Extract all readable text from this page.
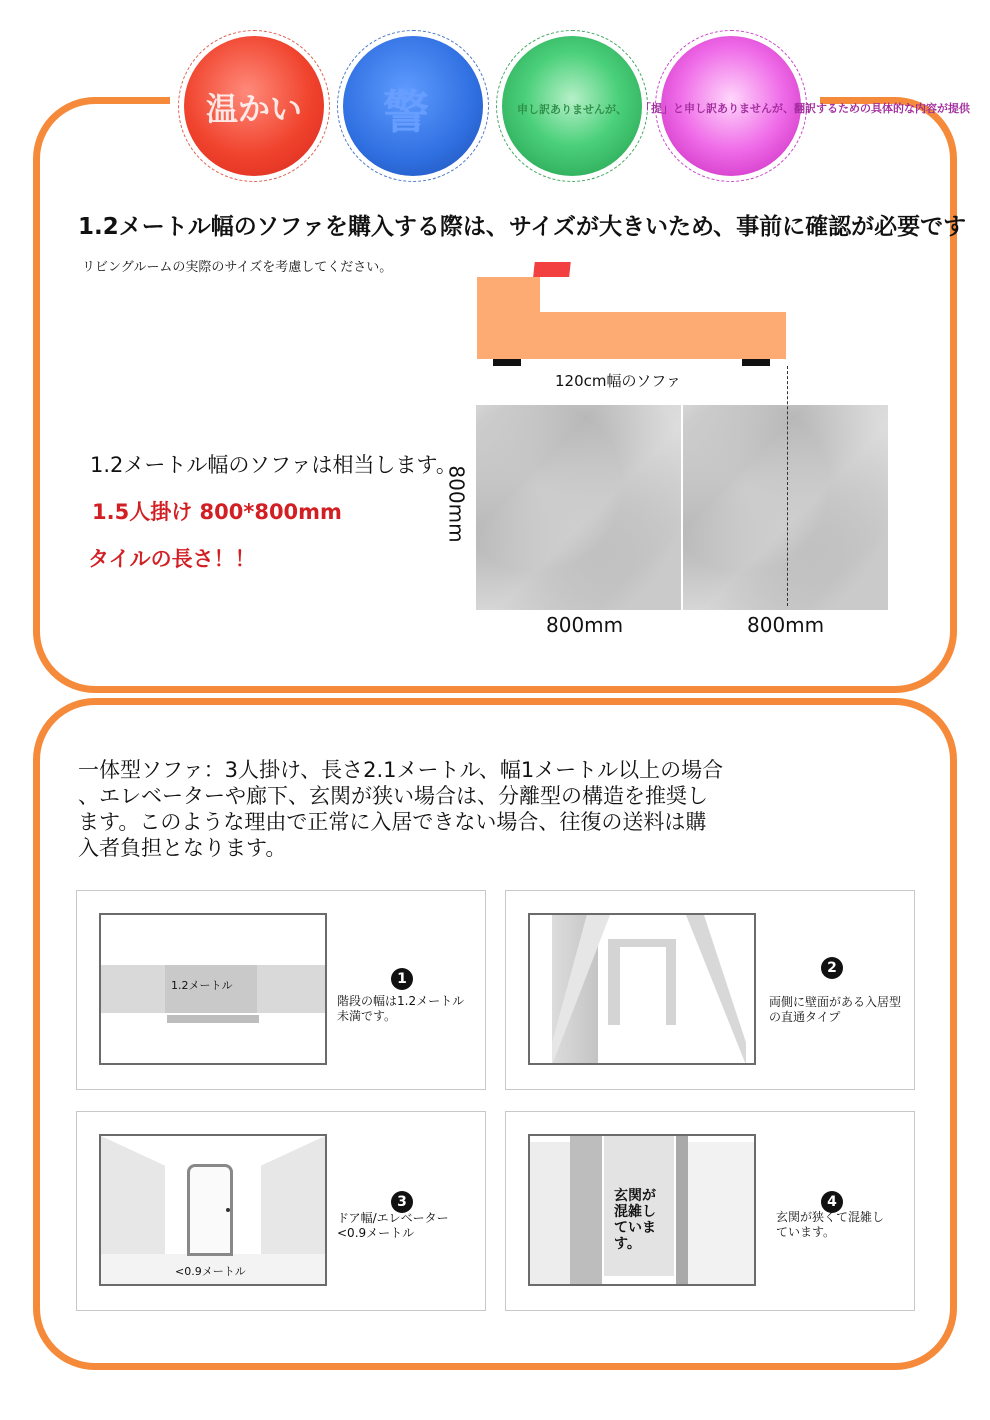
温かい 警	申し訳ありませんが、 「提」と申し訳ありませんが、翻訳するための具体的な内容が提供
1.2メートル幅のソファを購入する際は、サイズが大きいため、事前に確認が必要です
リビングルームの実際のサイズを考慮してください。
120cm幅のソファ
800mm
800mm	800mm
1.2メートル幅のソファは相当します。
1.5人掛け 800*800mm
タイルの長さ！！
一体型ソファ：3人掛け、長さ2.1メートル、幅1メートル以上の場合
、エレベーターや廊下、玄関が狭い場合は、分離型の構造を推奨し
ます。このような理由で正常に入居できない場合、往復の送料は購
入者負担となります。
1.2メートル	1
階段の幅は1.2メートル未満です。
2
両側に壁面がある入居型の直通タイプ
<0.9メートル
3
ドア幅/エレベーター<0.9メートル
玄関が混雑しています。
4
玄関が狭くて混雑しています。
